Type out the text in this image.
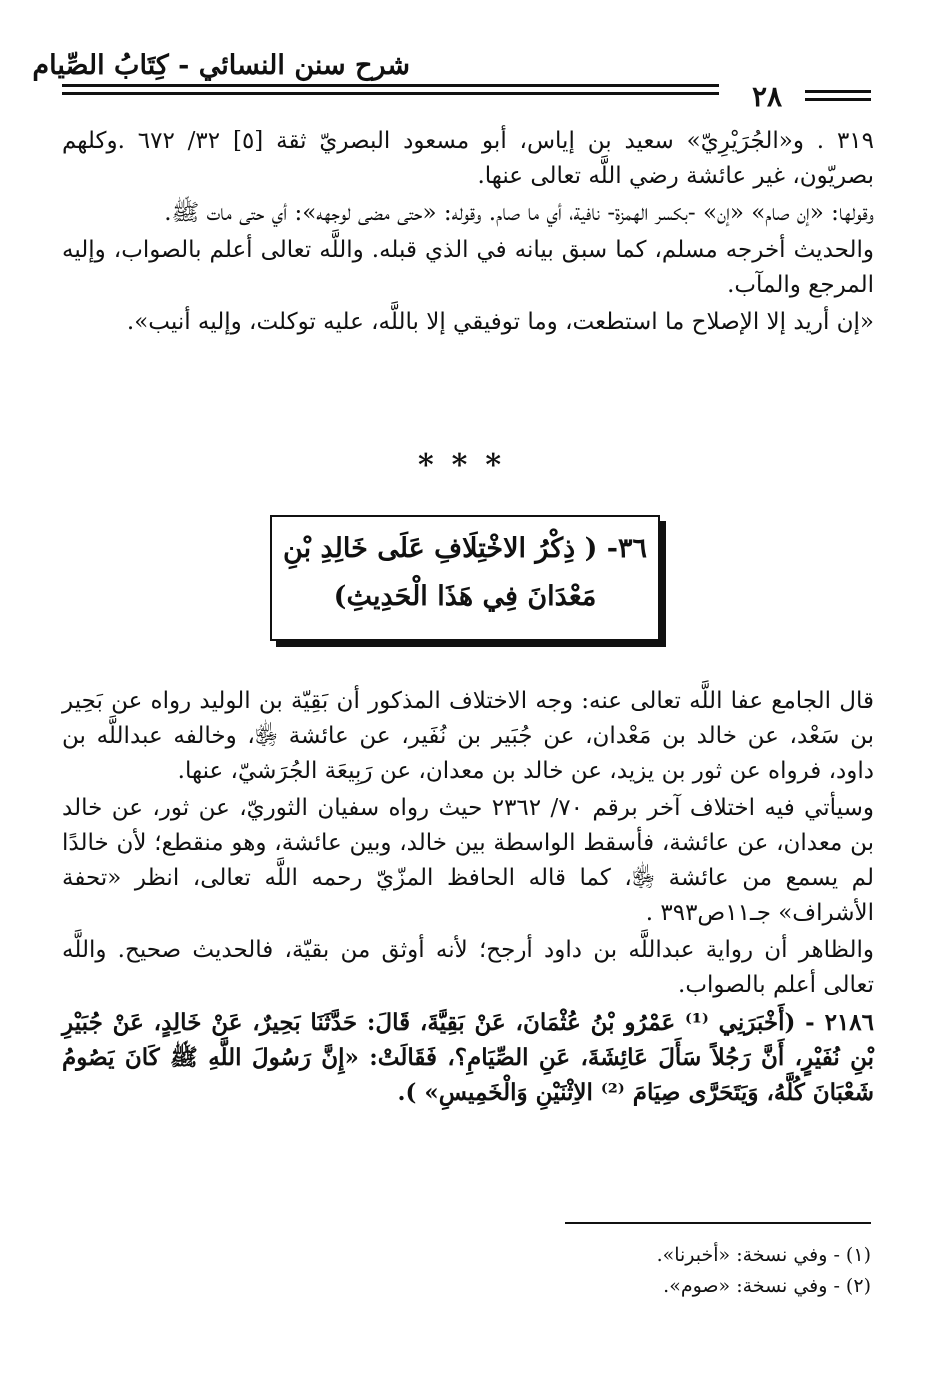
شرح سنن النسائي - كِتَابُ الصِّيام
٢٨

٣١٩ . و«الجُرَيْرِيّ» سعيد بن إياس، أبو مسعود البصريّ ثقة [٥] ٣٢/ ٦٧٢ .وكلهم بصريّون، غير عائشة رضي اللَّه تعالى عنها.

وقولها: «إن صام» «إن» -بكسر الهمزة- نافية، أي ما صام. وقوله: «حتى مضى لوجهه»: أي حتى مات ﷺ.

والحديث أخرجه مسلم، كما سبق بيانه في الذي قبله. واللَّه تعالى أعلم بالصواب، وإليه المرجع والمآب.

«إن أريد إلا الإصلاح ما استطعت، وما توفيقي إلا باللَّه، عليه توكلت، وإليه أنيب».

***
٣٦- ( ذِكْرُ الاخْتِلَافِ عَلَى خَالِدِ بْنِ
مَعْدَانَ فِي هَذَا الْحَدِيثِ)

قال الجامع عفا اللَّه تعالى عنه: وجه الاختلاف المذكور أن بَقِيّة بن الوليد رواه عن بَحِير بن سَعْد، عن خالد بن مَعْدان، عن جُبَير بن نُفَير، عن عائشة ﵂، وخالفه عبداللَّه بن داود، فرواه عن ثور بن يزيد، عن خالد بن معدان، عن رَبِيعَة الجُرَشيّ، عنها.

وسيأتي فيه اختلاف آخر برقم ٧٠/ ٢٣٦٢ حيث رواه سفيان الثوريّ، عن ثور، عن خالد بن معدان، عن عائشة، فأسقط الواسطة بين خالد، وبين عائشة، وهو منقطع؛ لأن خالدًا لم يسمع من عائشة ﵂، كما قاله الحافظ المزّيّ رحمه اللَّه تعالى، انظر «تحفة الأشراف» جـ١١ص٣٩٣ .

والظاهر أن رواية عبداللَّه بن داود أرجح؛ لأنه أوثق من بقيّة، فالحديث صحيح. واللَّه تعالى أعلم بالصواب.

٢١٨٦ - (أَخْبَرَنِي ⁽¹⁾ عَمْرُو بْنُ عُثْمَانَ، عَنْ بَقِيَّةَ، قَالَ: حَدَّثَنَا بَحِيرٌ، عَنْ خَالِدٍ، عَنْ جُبَيْرِ بْنِ نُفَيْرٍ، أَنَّ رَجُلاً سَأَلَ عَائِشَةَ، عَنِ الصِّيَامِ؟، فَقَالَتْ: «إِنَّ رَسُولَ اللَّهِ ﷺ كَانَ يَصُومُ شَعْبَانَ كُلَّهُ، وَيَتَحَرَّى صِيَامَ ⁽²⁾ الاِثْنَيْنِ وَالْخَمِيسِ» ).

(١) - وفي نسخة: «أخبرنا».
(٢) - وفي نسخة: «صوم».
